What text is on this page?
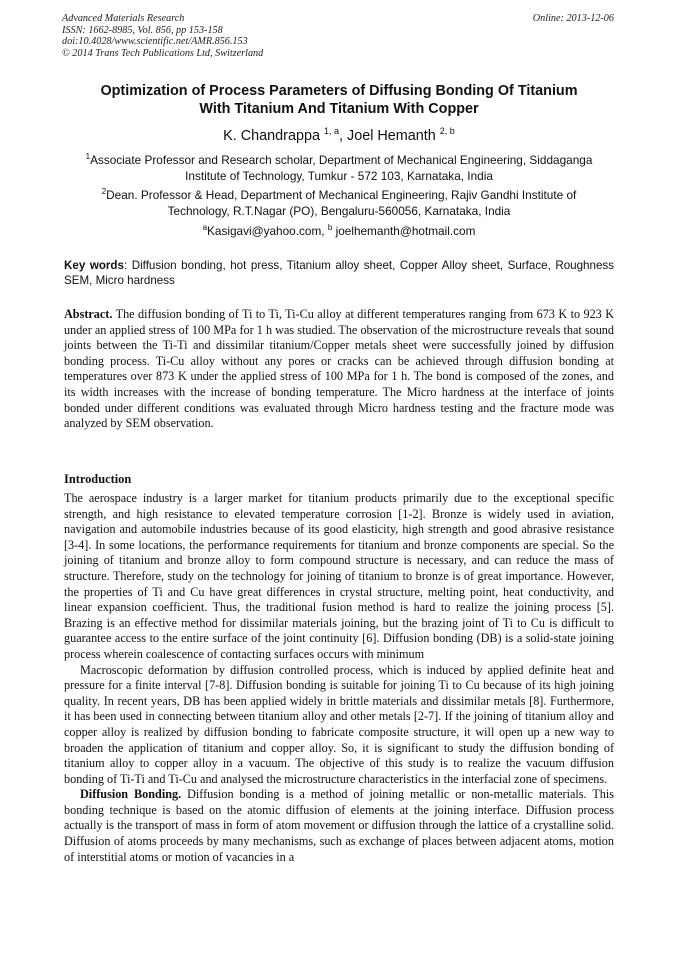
Advanced Materials Research
ISSN: 1662-8985, Vol. 856, pp 153-158
doi:10.4028/www.scientific.net/AMR.856.153
© 2014 Trans Tech Publications Ltd, Switzerland
Online: 2013-12-06
Optimization of Process Parameters of Diffusing Bonding Of Titanium
With Titanium And Titanium With Copper
K. Chandrappa $^{1, a}$, Joel Hemanth $^{2, b}$
$^1$Associate Professor and Research scholar, Department of Mechanical Engineering, Siddaganga
Institute of Technology, Tumkur - 572 103, Karnataka, India
$^2$Dean. Professor & Head, Department of Mechanical Engineering, Rajiv Gandhi Institute of
Technology, R.T.Nagar (PO), Bengaluru-560056, Karnataka, India
$^a$Kasigavi@yahoo.com, $^b$ joelhemanth@hotmail.com
Key words: Diffusion bonding, hot press, Titanium alloy sheet, Copper Alloy sheet, Surface, Roughness SEM, Micro hardness
Abstract. The diffusion bonding of Ti to Ti, Ti-Cu alloy at different temperatures ranging from 673 K to 923 K under an applied stress of 100 MPa for 1 h was studied. The observation of the microstructure reveals that sound joints between the Ti-Ti and dissimilar titanium/Copper metals sheet were successfully joined by diffusion bonding process. Ti-Cu alloy without any pores or cracks can be achieved through diffusion bonding at temperatures over 873 K under the applied stress of 100 MPa for 1 h. The bond is composed of the zones, and its width increases with the increase of bonding temperature. The Micro hardness at the interface of joints bonded under different conditions was evaluated through Micro hardness testing and the fracture mode was analyzed by SEM observation.
Introduction

The aerospace industry is a larger market for titanium products primarily due to the exceptional specific strength, and high resistance to elevated temperature corrosion [1-2]. Bronze is widely used in aviation, navigation and automobile industries because of its good elasticity, high strength and good abrasive resistance [3-4]. In some locations, the performance requirements for titanium and bronze components are special. So the joining of titanium and bronze alloy to form compound structure is necessary, and can reduce the mass of structure. Therefore, study on the technology for joining of titanium to bronze is of great importance. However, the properties of Ti and Cu have great differences in crystal structure, melting point, heat conductivity, and linear expansion coefficient. Thus, the traditional fusion method is hard to realize the joining process [5]. Brazing is an effective method for dissimilar materials joining, but the brazing joint of Ti to Cu is difficult to guarantee access to the entire surface of the joint continuity [6]. Diffusion bonding (DB) is a solid-state joining process wherein coalescence of contacting surfaces occurs with minimum

Macroscopic deformation by diffusion controlled process, which is induced by applied definite heat and pressure for a finite interval [7-8]. Diffusion bonding is suitable for joining Ti to Cu because of its high joining quality. In recent years, DB has been applied widely in brittle materials and dissimilar metals [8]. Furthermore, it has been used in connecting between titanium alloy and other metals [2-7]. If the joining of titanium alloy and copper alloy is realized by diffusion bonding to fabricate composite structure, it will open up a new way to broaden the application of titanium and copper alloy. So, it is significant to study the diffusion bonding of titanium alloy to copper alloy in a vacuum. The objective of this study is to realize the vacuum diffusion bonding of Ti-Ti and Ti-Cu and analysed the microstructure characteristics in the interfacial zone of specimens.

Diffusion Bonding. Diffusion bonding is a method of joining metallic or non-metallic materials. This bonding technique is based on the atomic diffusion of elements at the joining interface. Diffusion process actually is the transport of mass in form of atom movement or diffusion through the lattice of a crystalline solid. Diffusion of atoms proceeds by many mechanisms, such as exchange of places between adjacent atoms, motion of interstitial atoms or motion of vacancies in a
